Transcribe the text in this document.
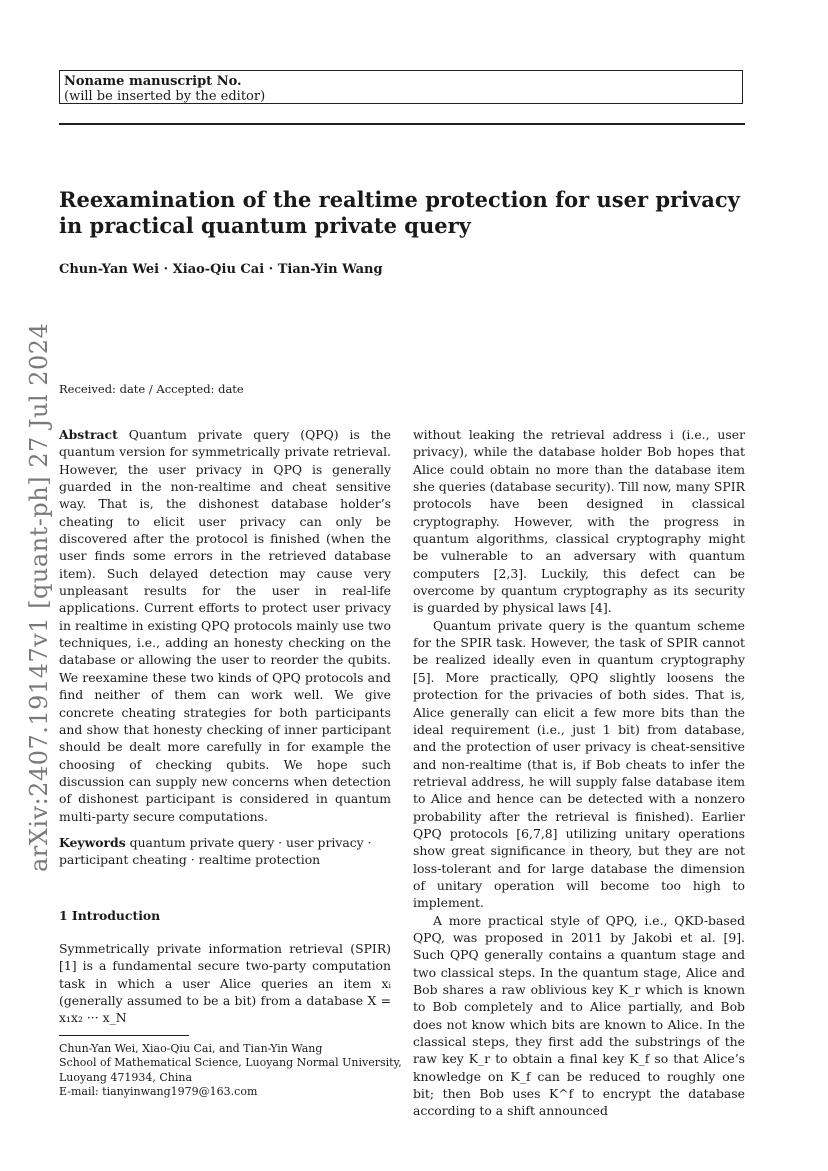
Noname manuscript No.
(will be inserted by the editor)
Reexamination of the realtime protection for user privacy in practical quantum private query
Chun-Yan Wei · Xiao-Qiu Cai · Tian-Yin Wang
arXiv:2407.19147v1 [quant-ph] 27 Jul 2024 Received: date / Accepted: date

Abstract Quantum private query (QPQ) is the quantum version for symmetrically private retrieval. However, the user privacy in QPQ is generally guarded in the non-realtime and cheat sensitive way. That is, the dishonest database holder’s cheating to elicit user privacy can only be discovered after the protocol is finished (when the user finds some errors in the retrieved database item). Such delayed detection may cause very unpleasant results for the user in real-life applications. Current efforts to protect user privacy in realtime in existing QPQ protocols mainly use two techniques, i.e., adding an honesty checking on the database or allowing the user to reorder the qubits. We reexamine these two kinds of QPQ protocols and find neither of them can work well. We give concrete cheating strategies for both participants and show that honesty checking of inner participant should be dealt more carefully in for example the choosing of checking qubits. We hope such discussion can supply new concerns when detection of dishonest participant is considered in quantum multi-party secure computations.

Keywords quantum private query · user privacy · participant cheating · realtime protection

1 Introduction

Symmetrically private information retrieval (SPIR) [1] is a fundamental secure two-party computation task in which a user Alice queries an item xᵢ (generally assumed to be a bit) from a database X = x₁x₂ ··· x_N

Chun-Yan Wei, Xiao-Qiu Cai, and Tian-Yin Wang
School of Mathematical Science, Luoyang Normal University,
Luoyang 471934, China
E-mail: tianyinwang1979@163.com

without leaking the retrieval address i (i.e., user privacy), while the database holder Bob hopes that Alice could obtain no more than the database item she queries (database security). Till now, many SPIR protocols have been designed in classical cryptography. However, with the progress in quantum algorithms, classical cryptography might be vulnerable to an adversary with quantum computers [2,3]. Luckily, this defect can be overcome by quantum cryptography as its security is guarded by physical laws [4].

Quantum private query is the quantum scheme for the SPIR task. However, the task of SPIR cannot be realized ideally even in quantum cryptography [5]. More practically, QPQ slightly loosens the protection for the privacies of both sides. That is, Alice generally can elicit a few more bits than the ideal requirement (i.e., just 1 bit) from database, and the protection of user privacy is cheat-sensitive and non-realtime (that is, if Bob cheats to infer the retrieval address, he will supply false database item to Alice and hence can be detected with a nonzero probability after the retrieval is finished). Earlier QPQ protocols [6,7,8] utilizing unitary operations show great significance in theory, but they are not loss-tolerant and for large database the dimension of unitary operation will become too high to implement.

A more practical style of QPQ, i.e., QKD-based QPQ, was proposed in 2011 by Jakobi et al. [9]. Such QPQ generally contains a quantum stage and two classical steps. In the quantum stage, Alice and Bob shares a raw oblivious key K_r which is known to Bob completely and to Alice partially, and Bob does not know which bits are known to Alice. In the classical steps, they first add the substrings of the raw key K_r to obtain a final key K_f so that Alice’s knowledge on K_f can be reduced to roughly one bit; then Bob uses K^f to encrypt the database according to a shift announced
